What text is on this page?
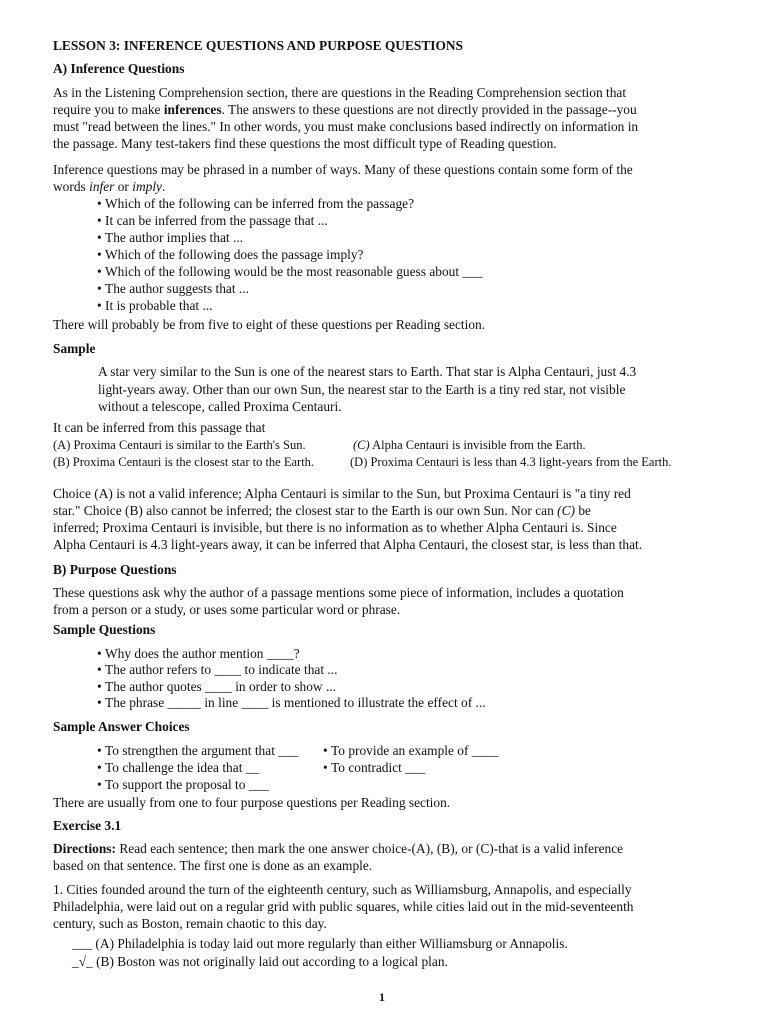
LESSON 3: INFERENCE QUESTIONS AND PURPOSE QUESTIONS
A) Inference Questions
As in the Listening Comprehension section, there are questions in the Reading Comprehension section that
require you to make inferences. The answers to these questions are not directly provided in the passage--you
must "read between the lines." In other words, you must make conclusions based indirectly on information in
the passage. Many test-takers find these questions the most difficult type of Reading question.
Inference questions may be phrased in a number of ways. Many of these questions contain some form of the
words infer or imply.
• Which of the following can be inferred from the passage?
• It can be inferred from the passage that ...
• The author implies that ...
• Which of the following does the passage imply?
• Which of the following would be the most reasonable guess about ___
• The author suggests that ...
• It is probable that ...
There will probably be from five to eight of these questions per Reading section.
Sample
A star very similar to the Sun is one of the nearest stars to Earth. That star is Alpha Centauri, just 4.3
light-years away. Other than our own Sun, the nearest star to the Earth is a tiny red star, not visible
without a telescope, called Proxima Centauri.
It can be inferred from this passage that
(A) Proxima Centauri is similar to the Earth's Sun.	(C) Alpha Centauri is invisible from the Earth.
(B) Proxima Centauri is the closest star to the Earth.	(D) Proxima Centauri is less than 4.3 light-years from the Earth.
Choice (A) is not a valid inference; Alpha Centauri is similar to the Sun, but Proxima Centauri is "a tiny red
star." Choice (B) also cannot be inferred; the closest star to the Earth is our own Sun. Nor can (C) be
inferred; Proxima Centauri is invisible, but there is no information as to whether Alpha Centauri is. Since
Alpha Centauri is 4.3 light-years away, it can be inferred that Alpha Centauri, the closest star, is less than that.
B) Purpose Questions
These questions ask why the author of a passage mentions some piece of information, includes a quotation
from a person or a study, or uses some particular word or phrase.
Sample Questions
• Why does the author mention ____?
• The author refers to ____ to indicate that ...
• The author quotes ____ in order to show ...
• The phrase _____ in line ____ is mentioned to illustrate the effect of ...
Sample Answer Choices
• To strengthen the argument that ___	• To provide an example of ____
• To challenge the idea that __	• To contradict ___
• To support the proposal to ___
There are usually from one to four purpose questions per Reading section.
Exercise 3.1
Directions: Read each sentence; then mark the one answer choice-(A), (B), or (C)-that is a valid inference
based on that sentence. The first one is done as an example.
1. Cities founded around the turn of the eighteenth century, such as Williamsburg, Annapolis, and especially
Philadelphia, were laid out on a regular grid with public squares, while cities laid out in the mid-seventeenth
century, such as Boston, remain chaotic to this day.
___ (A) Philadelphia is today laid out more regularly than either Williamsburg or Annapolis.
_√_ (B) Boston was not originally laid out according to a logical plan.
1
